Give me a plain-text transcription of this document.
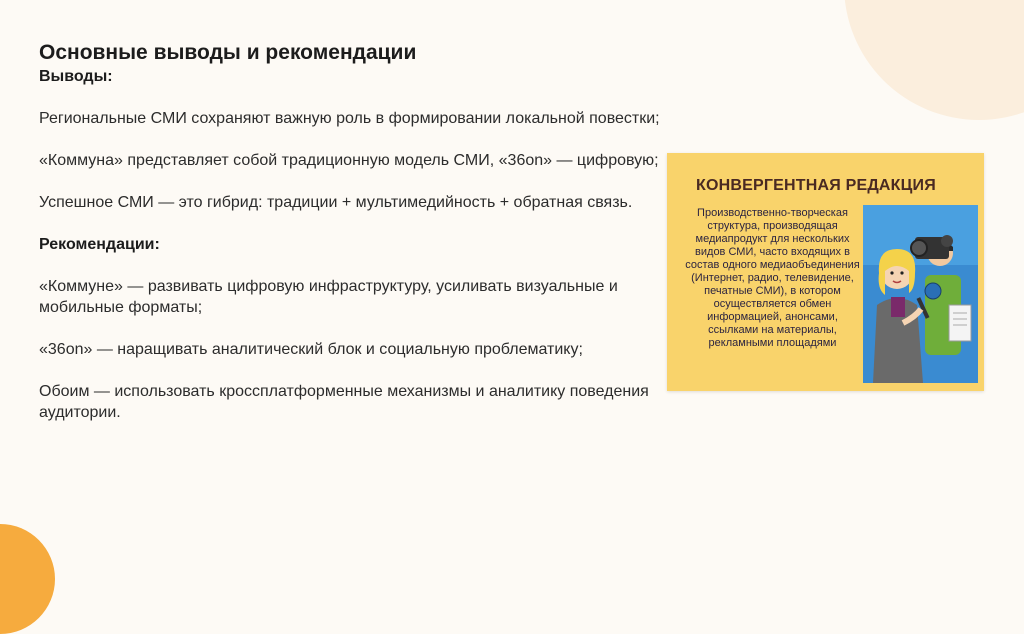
Основные выводы и рекомендации

Выводы:

Региональные СМИ сохраняют важную роль в формировании локальной повестки;

«Коммуна» представляет собой традиционную модель СМИ, «36on» — цифровую;

Успешное СМИ — это гибрид: традиции + мультимедийность + обратная связь.

Рекомендации:

«Коммуне» — развивать цифровую инфраструктуру, усиливать визуальные и мобильные форматы;

«36on» — наращивать аналитический блок и социальную проблематику;

Обоим — использовать кроссплатформенные механизмы и аналитику поведения аудитории.

КОНВЕРГЕНТНАЯ РЕДАКЦИЯ

Производственно-творческая структура, производящая медиапродукт для нескольких видов СМИ, часто входящих в состав одного медиаобъединения (Интернет, радио, телевидение, печатные СМИ), в котором осуществляется обмен информацией, анонсами, ссылками на материалы, рекламными площадями
